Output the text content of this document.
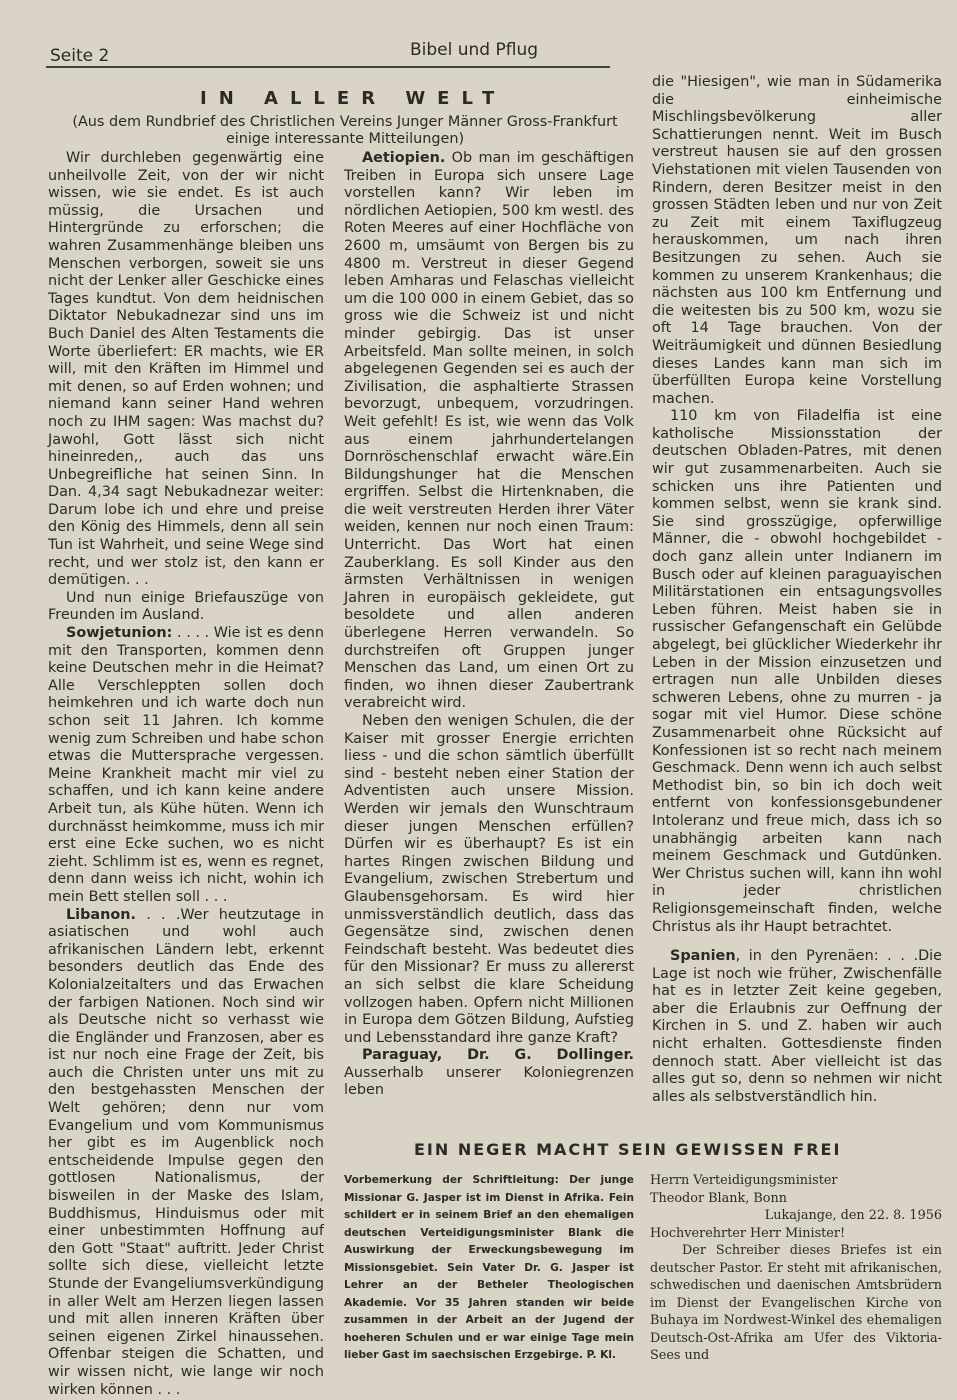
Seite 2	Bibel und Pflug
IN ALLER WELT
(Aus dem Rundbrief des Christlichen Vereins Junger Männer Gross-Frankfurt einige interessante Mitteilungen)

Wir durchleben gegenwärtig eine unheilvolle Zeit, von der wir nicht wissen, wie sie endet. Es ist auch müssig, die Ursachen und Hintergründe zu erforschen; die wahren Zusammenhänge bleiben uns Menschen verborgen, soweit sie uns nicht der Lenker aller Geschicke eines Tages kundtut. Von dem heidnischen Diktator Nebukadnezar sind uns im Buch Daniel des Alten Testaments die Worte überliefert: ER machts, wie ER will, mit den Kräften im Himmel und mit denen, so auf Erden wohnen; und niemand kann seiner Hand wehren noch zu IHM sagen: Was machst du? Jawohl, Gott lässt sich nicht hineinreden,, auch das uns Unbegreifliche hat seinen Sinn. In Dan. 4,34 sagt Nebukadnezar weiter: Darum lobe ich und ehre und preise den König des Himmels, denn all sein Tun ist Wahrheit, und seine Wege sind recht, und wer stolz ist, den kann er demütigen. . .

Und nun einige Briefauszüge von Freunden im Ausland.

Sowjetunion: . . . . Wie ist es denn mit den Transporten, kommen denn keine Deutschen mehr in die Heimat? Alle Verschleppten sollen doch heimkehren und ich warte doch nun schon seit 11 Jahren. Ich komme wenig zum Schreiben und habe schon etwas die Muttersprache vergessen. Meine Krankheit macht mir viel zu schaffen, und ich kann keine andere Arbeit tun, als Kühe hüten. Wenn ich durchnässt heimkomme, muss ich mir erst eine Ecke suchen, wo es nicht zieht. Schlimm ist es, wenn es regnet, denn dann weiss ich nicht, wohin ich mein Bett stellen soll . . .

Libanon. . . .Wer heutzutage in asiatischen und wohl auch afrikanischen Ländern lebt, erkennt besonders deutlich das Ende des Kolonialzeitalters und das Erwachen der farbigen Nationen. Noch sind wir als Deutsche nicht so verhasst wie die Engländer und Franzosen, aber es ist nur noch eine Frage der Zeit, bis auch die Christen unter uns mit zu den bestgehassten Menschen der Welt gehören; denn nur vom Evangelium und vom Kommunismus her gibt es im Augenblick noch entscheidende Impulse gegen den gottlosen Nationalismus, der bisweilen in der Maske des Islam, Buddhismus, Hinduismus oder mit einer unbestimmten Hoffnung auf den Gott "Staat" auftritt. Jeder Christ sollte sich diese, vielleicht letzte Stunde der Evangeliumsverkündigung in aller Welt am Herzen liegen lassen und mit allen inneren Kräften über seinen eigenen Zirkel hinaussehen. Offenbar steigen die Schatten, und wir wissen nicht, wie lange wir noch wirken können . . .

Aetiopien. Ob man im geschäftigen Treiben in Europa sich unsere Lage vorstellen kann? Wir leben im nördlichen Aetiopien, 500 km westl. des Roten Meeres auf einer Hochfläche von 2600 m, umsäumt von Bergen bis zu 4800 m. Verstreut in dieser Gegend leben Amharas und Felaschas vielleicht um die 100 000 in einem Gebiet, das so gross wie die Schweiz ist und nicht minder gebirgig. Das ist unser Arbeitsfeld. Man sollte meinen, in solch abgelegenen Gegenden sei es auch der Zivilisation, die asphaltierte Strassen bevorzugt, unbequem, vorzudringen. Weit gefehlt! Es ist, wie wenn das Volk aus einem jahrhundertelangen Dornröschenschlaf erwacht wäre.Ein Bildungshunger hat die Menschen ergriffen. Selbst die Hirtenknaben, die die weit verstreuten Herden ihrer Väter weiden, kennen nur noch einen Traum: Unterricht. Das Wort hat einen Zauberklang. Es soll Kinder aus den ärmsten Verhältnissen in wenigen Jahren in europäisch gekleidete, gut besoldete und allen anderen überlegene Herren verwandeln. So durchstreifen oft Gruppen junger Menschen das Land, um einen Ort zu finden, wo ihnen dieser Zaubertrank verabreicht wird.

Neben den wenigen Schulen, die der Kaiser mit grosser Energie errichten liess - und die schon sämtlich überfüllt sind - besteht neben einer Station der Adventisten auch unsere Mission. Werden wir jemals den Wunschtraum dieser jungen Menschen erfüllen? Dürfen wir es überhaupt? Es ist ein hartes Ringen zwischen Bildung und Evangelium, zwischen Strebertum und Glaubensgehorsam. Es wird hier unmissverständlich deutlich, dass das Gegensätze sind, zwischen denen Feindschaft besteht. Was bedeutet dies für den Missionar? Er muss zu allererst an sich selbst die klare Scheidung vollzogen haben. Opfern nicht Millionen in Europa dem Götzen Bildung, Aufstieg und Lebensstandard ihre ganze Kraft?

Paraguay, Dr. G. Dollinger. Ausserhalb unserer Koloniegrenzen leben

die "Hiesigen", wie man in Südamerika die einheimische Mischlingsbevölkerung aller Schattierungen nennt. Weit im Busch verstreut hausen sie auf den grossen Viehstationen mit vielen Tausenden von Rindern, deren Besitzer meist in den grossen Städten leben und nur von Zeit zu Zeit mit einem Taxiflugzeug herauskommen, um nach ihren Besitzungen zu sehen. Auch sie kommen zu unserem Krankenhaus; die nächsten aus 100 km Entfernung und die weitesten bis zu 500 km, wozu sie oft 14 Tage brauchen. Von der Weiträumigkeit und dünnen Besiedlung dieses Landes kann man sich im überfüllten Europa keine Vorstellung machen.

110 km von Filadelfia ist eine katholische Missionsstation der deutschen Obladen-Patres, mit denen wir gut zusammenarbeiten. Auch sie schicken uns ihre Patienten und kommen selbst, wenn sie krank sind. Sie sind grosszügige, opferwillige Männer, die - obwohl hochgebildet - doch ganz allein unter Indianern im Busch oder auf kleinen paraguayischen Militärstationen ein entsagungsvolles Leben führen. Meist haben sie in russischer Gefangenschaft ein Gelübde abgelegt, bei glücklicher Wiederkehr ihr Leben in der Mission einzusetzen und ertragen nun alle Unbilden dieses schweren Lebens, ohne zu murren - ja sogar mit viel Humor. Diese schöne Zusammenarbeit ohne Rücksicht auf Konfessionen ist so recht nach meinem Geschmack. Denn wenn ich auch selbst Methodist bin, so bin ich doch weit entfernt von konfessionsgebundener Intoleranz und freue mich, dass ich so unabhängig arbeiten kann nach meinem Geschmack und Gutdünken. Wer Christus suchen will, kann ihn wohl in jeder christlichen Religionsgemeinschaft finden, welche Christus als ihr Haupt betrachtet.

Spanien, in den Pyrenäen: . . .Die Lage ist noch wie früher, Zwischenfälle hat es in letzter Zeit keine gegeben, aber die Erlaubnis zur Oeffnung der Kirchen in S. und Z. haben wir auch nicht erhalten. Gottesdienste finden dennoch statt. Aber vielleicht ist das alles gut so, denn so nehmen wir nicht alles als selbstverständlich hin.

EIN NEGER MACHT SEIN GEWISSEN FREI
Vorbemerkung der Schriftleitung: Der junge Missionar G. Jasper ist im Dienst in Afrika. Fein schildert er in seinem Brief an den ehemaligen deutschen Verteidigungsminister Blank die Auswirkung der Erweckungsbewegung im Missionsgebiet. Sein Vater Dr. G. Jasper ist Lehrer an der Betheler Theologischen Akademie. Vor 35 Jahren standen wir beide zusammen in der Arbeit an der Jugend der hoeheren Schulen und er war einige Tage mein lieber Gast im saechsischen Erzgebirge. P. Kl.

Herrn Verteidigungsminister

Theodor Blank, Bonn

Lukajange, den 22. 8. 1956

Hochverehrter Herr Minister!

Der Schreiber dieses Briefes ist ein deutscher Pastor. Er steht mit afrikanischen, schwedischen und daenischen Amtsbrüdern im Dienst der Evangelischen Kirche von Buhaya im Nordwest-Winkel des ehemaligen Deutsch-Ost-Afrika am Ufer des Viktoria-Sees und
